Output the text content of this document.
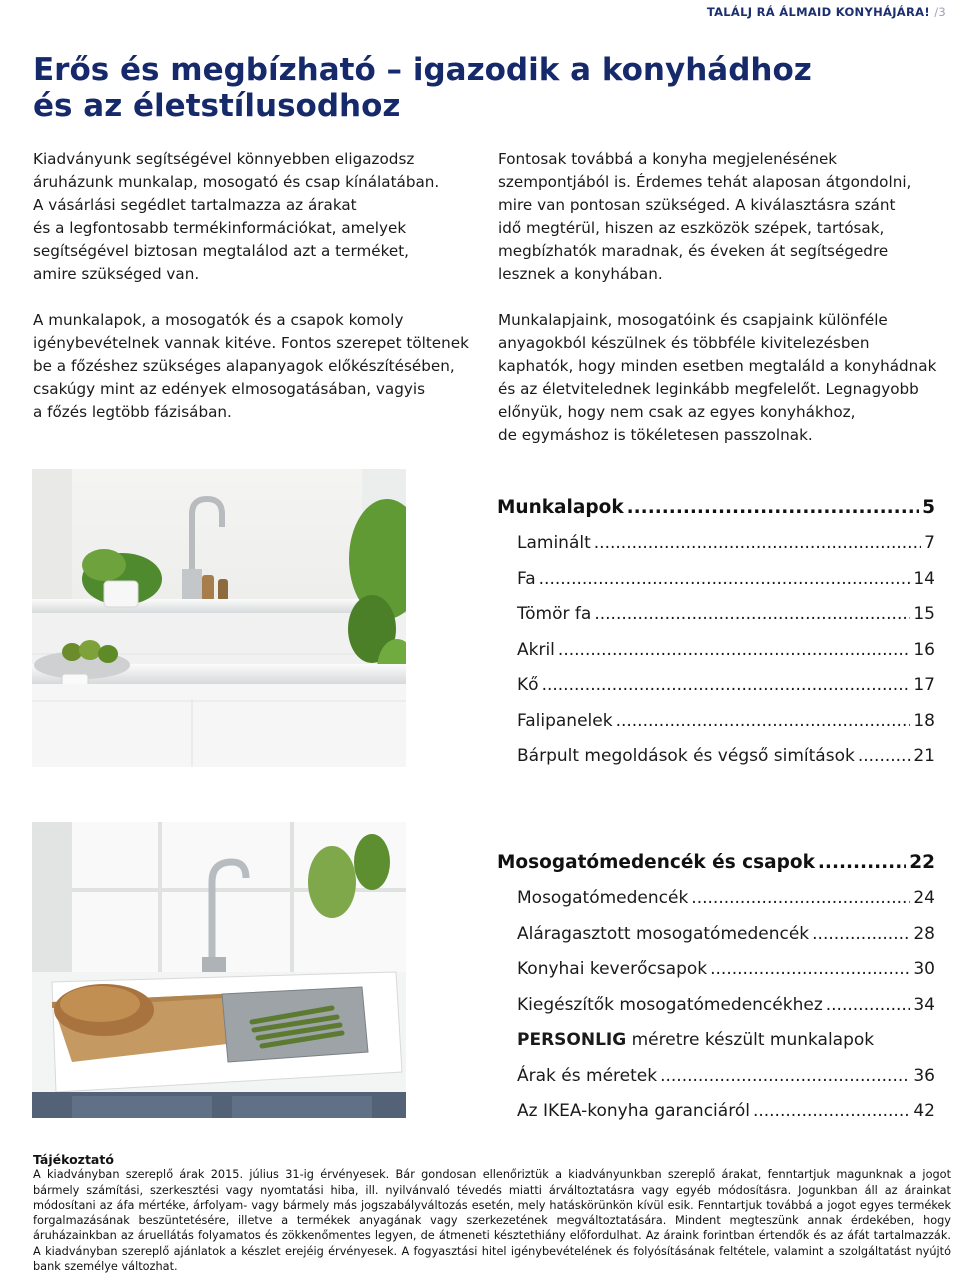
TALÁLJ RÁ ÁLMAID KONYHÁJÁRA! /3
Erős és megbízható – igazodik a konyhádhoz
és az életstílusodhoz

Kiadványunk segítségével könnyebben eligazodsz
áruházunk munkalap, mosogató és csap kínálatában.
A vásárlási segédlet tartalmazza az árakat
és a legfontosabb termékinformációkat, amelyek
segítségével biztosan megtalálod azt a terméket,
amire szükséged van.

A munkalapok, a mosogatók és a csapok komoly
igénybevételnek vannak kitéve. Fontos szerepet töltenek
be a főzéshez szükséges alapanyagok előkészítésében,
csakúgy mint az edények elmosogatásában, vagyis
a főzés legtöbb fázisában.

Fontosak továbbá a konyha megjelenésének
szempontjából is. Érdemes tehát alaposan átgondolni,
mire van pontosan szükséged. A kiválasztásra szánt
idő megtérül, hiszen az eszközök szépek, tartósak,
megbízhatók maradnak, és éveken át segítségedre
lesznek a konyhában.

Munkalapjaink, mosogatóink és csapjaink különféle
anyagokból készülnek és többféle kivitelezésben
kaphatók, hogy minden esetben megtaláld a konyhádnak
és az életvitelednek leginkább megfelelőt. Legnagyobb
előnyük, hogy nem csak az egyes konyhákhoz,
de egymáshoz is tökéletesen passzolnak.

Munkalapok .....	5
Laminált .....	7
Fa .....	14
Tömör fa .....	15
Akril .....	16
Kő .....	17
Falipanelek .....	18
Bárpult megoldások és végső simítások .....	21
Mosogatómedencék és csapok .....	22
Mosogatómedencék .....	24
Aláragasztott mosogatómedencék .....	28
Konyhai keverőcsapok .....	30
Kiegészítők mosogatómedencékhez .....	34
PERSONLIG méretre készült munkalapok
Árak és méretek .....	36
Az IKEA-konyha garanciáról .....	42
Tájékoztató
A kiadványban szereplő árak 2015. július 31-ig érvényesek. Bár gondosan ellenőriztük a kiadványunkban szereplő árakat, fenntartjuk magunknak a jogot bármely számítási, szerkesztési vagy nyomtatási hiba, ill. nyilvánvaló tévedés miatti árváltoztatásra vagy egyéb módosításra. Jogunkban áll az árainkat módosítani az áfa mértéke, árfolyam- vagy bármely más jogszabályváltozás esetén, mely hatáskörünkön kívül esik. Fenntartjuk továbbá a jogot egyes termékek forgalmazásának beszüntetésére, illetve a termékek anyagának vagy szerkezetének megváltoztatására. Mindent megteszünk annak érdekében, hogy áruházainkban az áruellátás folyamatos és zökkenőmentes legyen, de átmeneti késztethiány előfordulhat. Az áraink forintban értendők és az áfát tartalmazzák. A kiadványban szereplő ajánlatok a készlet erejéig érvényesek. A fogyasztási hitel igénybevételének és folyósításának feltétele, valamint a szolgáltatást nyújtó bank személye változhat.
